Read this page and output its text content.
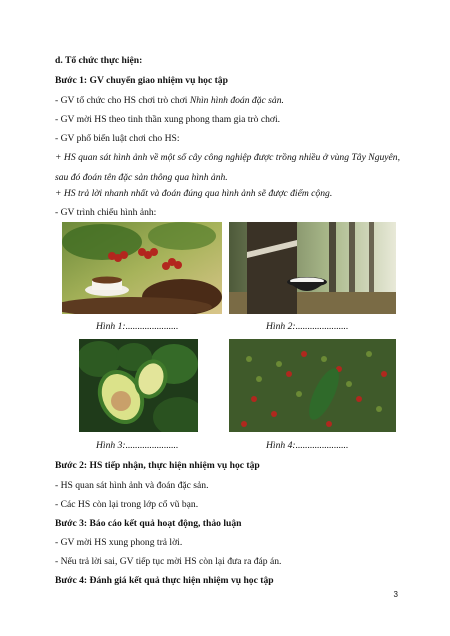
d. Tổ chức thực hiện:
Bước 1: GV chuyển giao nhiệm vụ học tập
- GV tổ chức cho HS chơi trò chơi Nhìn hình đoán đặc sản.
- GV mời HS theo tinh thần xung phong tham gia trò chơi.
- GV phổ biến luật chơi cho HS:
+ HS quan sát hình ảnh về một số cây công nghiệp được trồng nhiều ở vùng Tây Nguyên, sau đó đoán tên đặc sản thông qua hình ảnh.
+ HS trả lời nhanh nhất và đoán đúng qua hình ảnh sẽ được điểm cộng.
- GV trình chiếu hình ảnh:
Hình 1:......................	Hình 2:......................
Hình 3:......................	Hình 4:......................
Bước 2: HS tiếp nhận, thực hiện nhiệm vụ học tập
- HS quan sát hình ảnh và đoán đặc sản.
- Các HS còn lại trong lớp cổ vũ bạn.
Bước 3: Báo cáo kết quả hoạt động, thảo luận
- GV mời HS xung phong trả lời.
- Nếu trả lời sai, GV tiếp tục mời HS còn lại đưa ra đáp án.
Bước 4: Đánh giá kết quả thực hiện nhiệm vụ học tập
3
